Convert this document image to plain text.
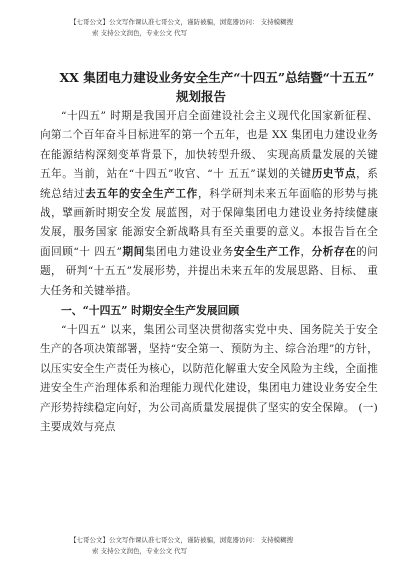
【七哥公文】公文写作课认准七哥公文，谨防被骗，浏览器访问： 支持模糊搜
索 支持公文润色，专业公文 代写
XX 集团电力建设业务安全生产“十四五”总结暨“十五五”
规划报告

“十四五” 时期是我国开启全面建设社会主义现代化国家新征程、向第二个百年奋斗目标进军的第一个五年，也是 XX 集团电力建设业务在能源结构深刻变革背景下，加快转型升级、 实现高质量发展的关键五年。当前，站在“十四五”收官、“十 五五”谋划的关键历史节点，系统总结过去五年的安全生产工作，科学研判未来五年面临的形势与挑战，擘画新时期安全发 展蓝图，对于保障集团电力建设业务持续健康发展，服务国家 能源安全新战略具有至关重要的意义。本报告旨在全面回顾“十 四五”期间集团电力建设业务安全生产工作，分析存在的问题， 研判“十五五”发展形势，并提出未来五年的发展思路、目标、 重大任务和关键举措。

一、“十四五” 时期安全生产发展回顾

“十四五” 以来，集团公司坚决贯彻落实党中央、国务院关于安全生产的各项决策部署，坚持“安全第一、预防为主、综合治理”的方针， 以压实安全生产责任为核心，以防范化解重大安全风险为主线，全面推进安全生产治理体系和治理能力现代化建设，集团电力建设业务安全生产形势持续稳定向好，为公司高质量发展提供了坚实的安全保障。 (一)主要成效与亮点

【七哥公文】公文写作课认准七哥公文，谨防被骗，浏览器访问： 支持模糊搜
索 支持公文润色，专业公文 代写
